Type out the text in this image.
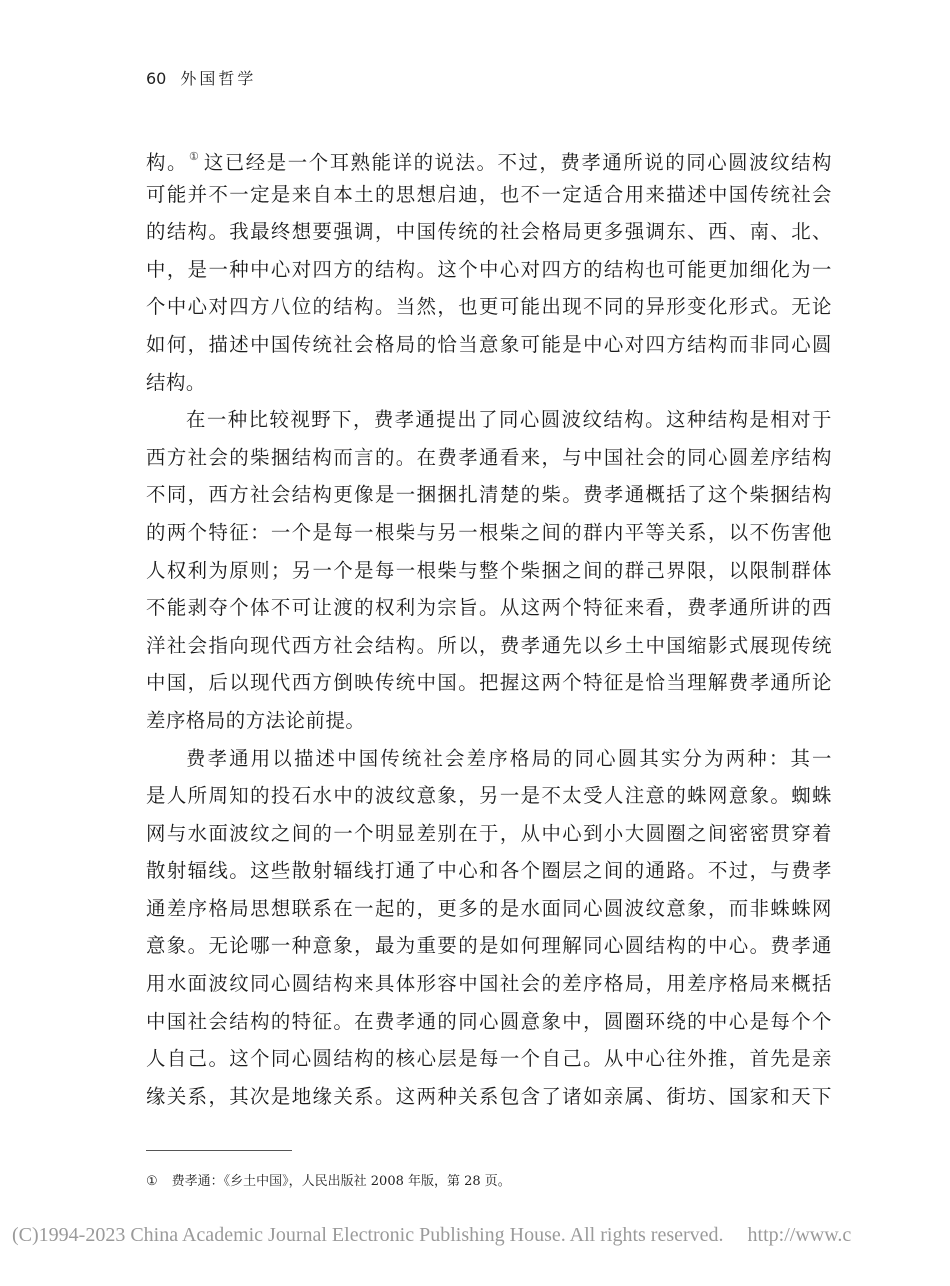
60 外国哲学
构。① 这已经是一个耳熟能详的说法。不过，费孝通所说的同心圆波纹结构
可能并不一定是来自本土的思想启迪，也不一定适合用来描述中国传统社会
的结构。我最终想要强调，中国传统的社会格局更多强调东、西、南、北、
中，是一种中心对四方的结构。这个中心对四方的结构也可能更加细化为一
个中心对四方八位的结构。当然，也更可能出现不同的异形变化形式。无论
如何，描述中国传统社会格局的恰当意象可能是中心对四方结构而非同心圆
结构。
在一种比较视野下，费孝通提出了同心圆波纹结构。这种结构是相对于
西方社会的柴捆结构而言的。在费孝通看来，与中国社会的同心圆差序结构
不同，西方社会结构更像是一捆捆扎清楚的柴。费孝通概括了这个柴捆结构
的两个特征：一个是每一根柴与另一根柴之间的群内平等关系，以不伤害他
人权利为原则；另一个是每一根柴与整个柴捆之间的群己界限，以限制群体
不能剥夺个体不可让渡的权利为宗旨。从这两个特征来看，费孝通所讲的西
洋社会指向现代西方社会结构。所以，费孝通先以乡土中国缩影式展现传统
中国，后以现代西方倒映传统中国。把握这两个特征是恰当理解费孝通所论
差序格局的方法论前提。
费孝通用以描述中国传统社会差序格局的同心圆其实分为两种：其一
是人所周知的投石水中的波纹意象，另一是不太受人注意的蛛网意象。蜘蛛
网与水面波纹之间的一个明显差别在于，从中心到小大圆圈之间密密贯穿着
散射辐线。这些散射辐线打通了中心和各个圈层之间的通路。不过，与费孝
通差序格局思想联系在一起的，更多的是水面同心圆波纹意象，而非蛛蛛网
意象。无论哪一种意象，最为重要的是如何理解同心圆结构的中心。费孝通
用水面波纹同心圆结构来具体形容中国社会的差序格局，用差序格局来概括
中国社会结构的特征。在费孝通的同心圆意象中，圆圈环绕的中心是每个个
人自己。这个同心圆结构的核心层是每一个自己。从中心往外推，首先是亲
缘关系，其次是地缘关系。这两种关系包含了诸如亲属、街坊、国家和天下
① 费孝通：《乡土中国》，人民出版社 2008 年版，第 28 页。
(C)1994-2023 China Academic Journal Electronic Publishing House. All rights reserved. http://www.c
